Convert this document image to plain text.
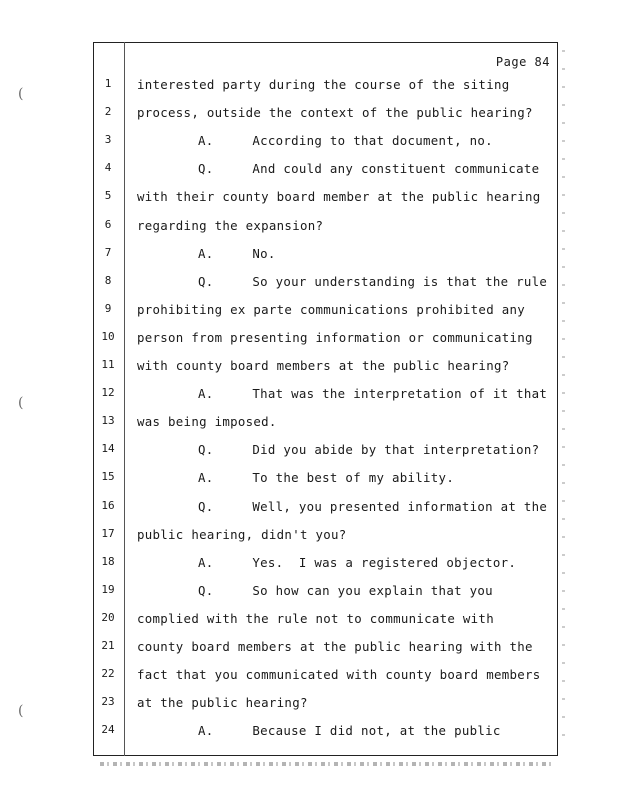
Page 84
(
(
(
1	interested party during the course of the siting
2	process, outside the context of the public hearing?
3	A.     According to that document, no.
4	Q.     And could any constituent communicate
5	with their county board member at the public hearing
6	regarding the expansion?
7	A.     No.
8	Q.     So your understanding is that the rule
9	prohibiting ex parte communications prohibited any
10	person from presenting information or communicating
11	with county board members at the public hearing?
12	A.     That was the interpretation of it that
13	was being imposed.
14	Q.     Did you abide by that interpretation?
15	A.     To the best of my ability.
16	Q.     Well, you presented information at the
17	public hearing, didn't you?
18	A.     Yes.  I was a registered objector.
19	Q.     So how can you explain that you
20	complied with the rule not to communicate with
21	county board members at the public hearing with the
22	fact that you communicated with county board members
23	at the public hearing?
24	A.     Because I did not, at the public
